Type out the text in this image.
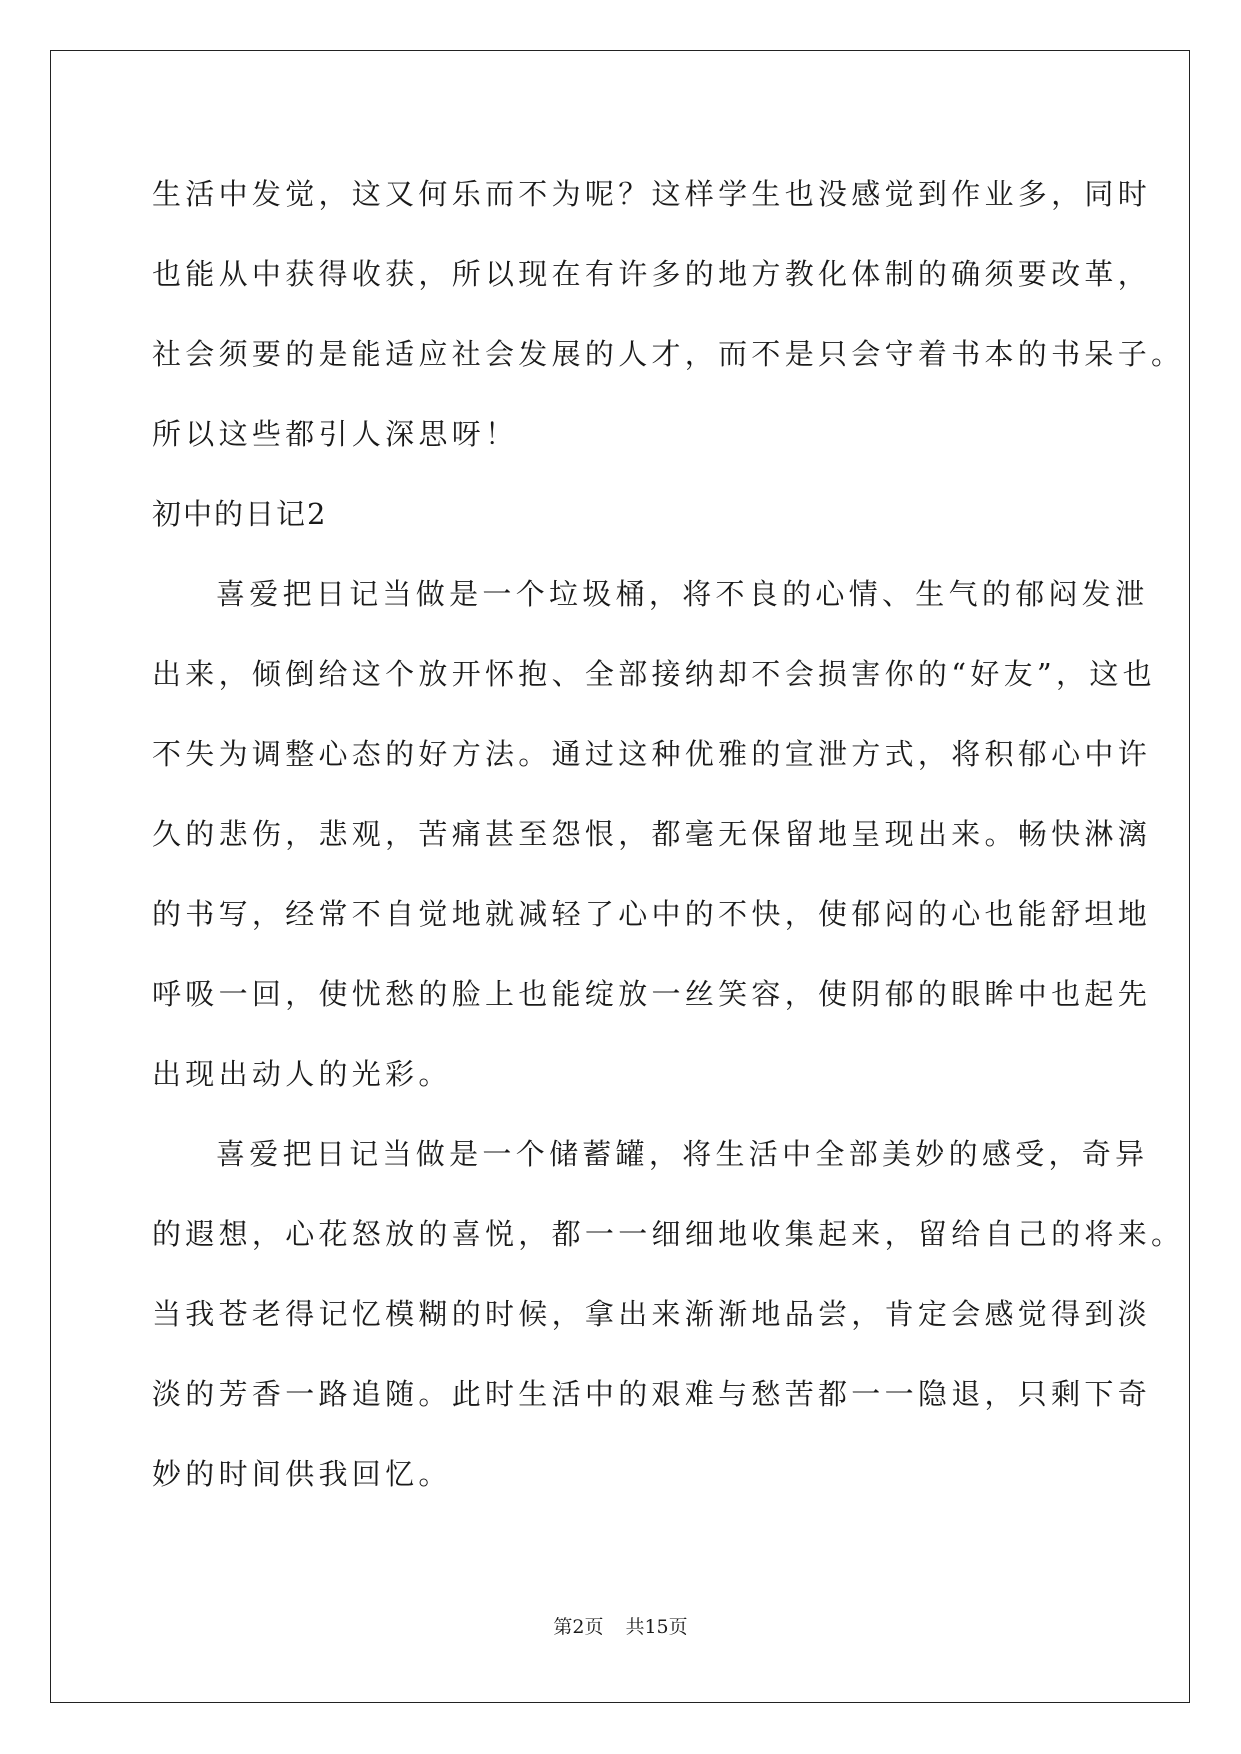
生活中发觉，这又何乐而不为呢？这样学生也没感觉到作业多，同时

也能从中获得收获，所以现在有许多的地方教化体制的确须要改革，

社会须要的是能适应社会发展的人才，而不是只会守着书本的书呆子。

所以这些都引人深思呀！

初中的日记2

喜爱把日记当做是一个垃圾桶，将不良的心情、生气的郁闷发泄

出来，倾倒给这个放开怀抱、全部接纳却不会损害你的“好友”，这也

不失为调整心态的好方法。通过这种优雅的宣泄方式，将积郁心中许

久的悲伤，悲观，苦痛甚至怨恨，都毫无保留地呈现出来。畅快淋漓

的书写，经常不自觉地就减轻了心中的不快，使郁闷的心也能舒坦地

呼吸一回，使忧愁的脸上也能绽放一丝笑容，使阴郁的眼眸中也起先

出现出动人的光彩。

喜爱把日记当做是一个储蓄罐，将生活中全部美妙的感受，奇异

的遐想，心花怒放的喜悦，都一一细细地收集起来，留给自己的将来。

当我苍老得记忆模糊的时候，拿出来渐渐地品尝，肯定会感觉得到淡

淡的芳香一路追随。此时生活中的艰难与愁苦都一一隐退，只剩下奇

妙的时间供我回忆。

第2页 共15页
